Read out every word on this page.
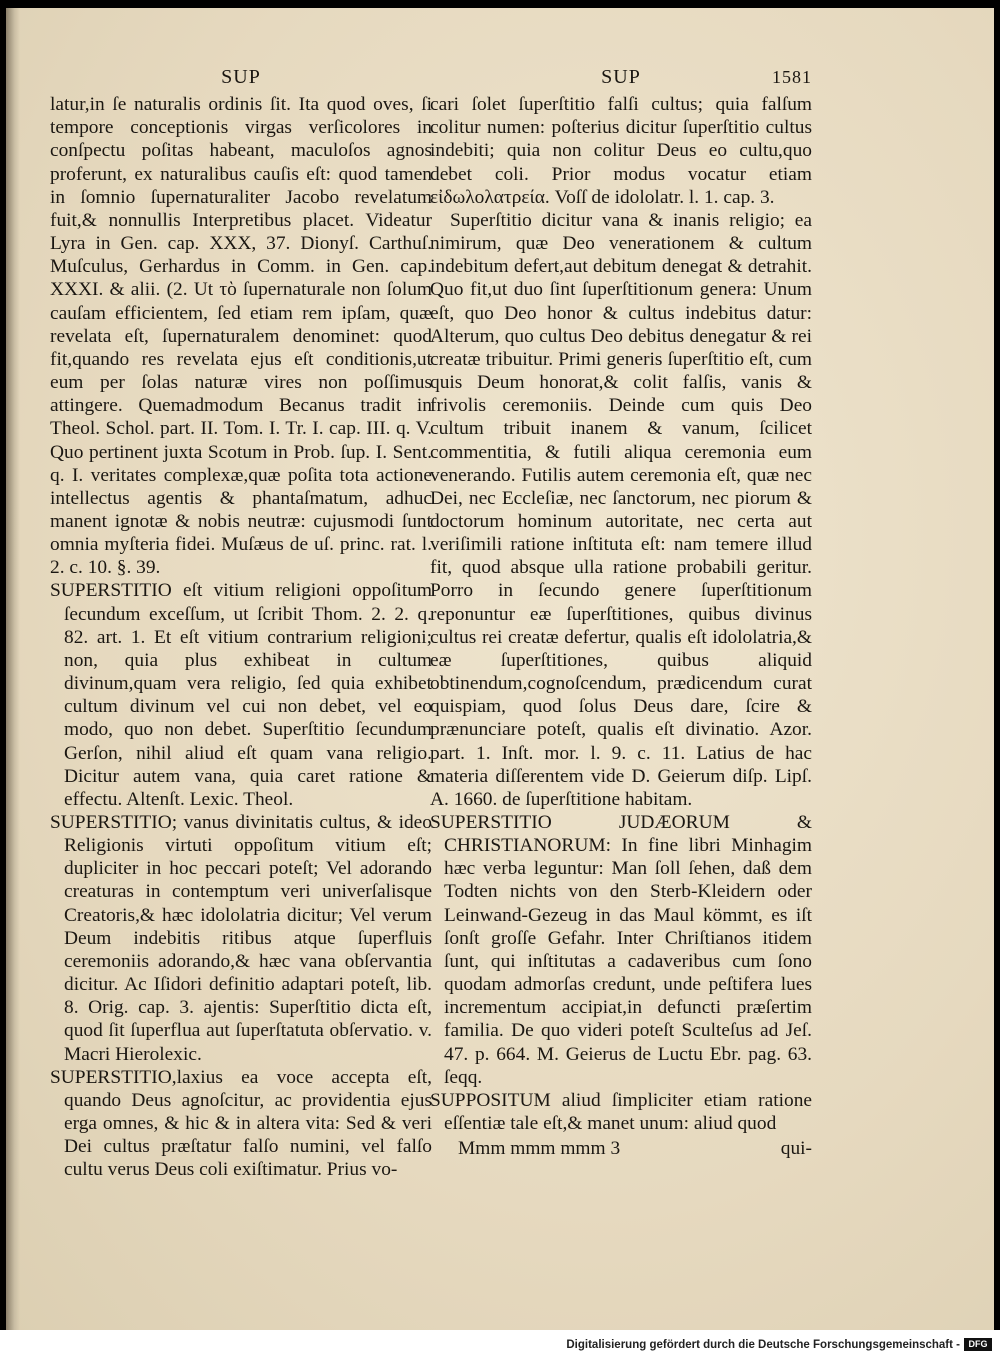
SUP

latur,in ſe naturalis ordinis ſit. Ita quod oves, ſi tempore conceptionis virgas verſicolores in conſpectu poſitas habeant, maculoſos agnos proferunt, ex naturalibus cauſis eſt: quod tamen in ſomnio ſupernaturaliter Jacobo revelatum fuit,& nonnullis Interpretibus placet. Videatur Lyra in Gen. cap. XXX, 37. Dionyſ. Carthuſ. Muſculus, Gerhardus in Comm. in Gen. cap. XXXI. & alii. (2. Ut τὸ ſupernaturale non ſolum cauſam efficientem, ſed etiam rem ipſam, quæ revelata eſt, ſupernaturalem denominet: quod fit,quando res revelata ejus eſt conditionis,ut eum per ſolas naturæ vires non poſſimus attingere. Quemadmodum Becanus tradit in Theol. Schol. part. II. Tom. I. Tr. I. cap. III. q. V. Quo pertinent juxta Scotum in Prob. ſup. I. Sent. q. I. veritates complexæ,quæ poſita tota actione intellectus agentis & phantaſmatum, adhuc manent ignotæ & nobis neutræ: cujusmodi ſunt omnia myſteria fidei. Muſæus de uſ. princ. rat. l. 2. c. 10. §. 39.

SUPERSTITIO eſt vitium religioni oppoſitum ſecundum exceſſum, ut ſcribit Thom. 2. 2. q. 82. art. 1. Et eſt vitium contrarium religioni; non, quia plus exhibeat in cultum divinum,quam vera religio, ſed quia exhibet cultum divinum vel cui non debet, vel eo modo, quo non debet. Superſtitio ſecundum Gerſon, nihil aliud eſt quam vana religio. Dicitur autem vana, quia caret ratione & effectu. Altenſt. Lexic. Theol.

SUPERSTITIO; vanus divinitatis cultus, & ideo Religionis virtuti oppoſitum vitium eſt; dupliciter in hoc peccari poteſt; Vel adorando creaturas in contemptum veri univerſalisque Creatoris,& hæc idololatria dicitur; Vel verum Deum indebitis ritibus atque ſuperfluis ceremoniis adorando,& hæc vana obſervantia dicitur. Ac Iſidori definitio adaptari poteſt, lib. 8. Orig. cap. 3. ajentis: Superſtitio dicta eſt, quod ſit ſuperflua aut ſuperſtatuta obſervatio. v. Macri Hierolexic.

SUPERSTITIO,laxius ea voce accepta eſt, quando Deus agnoſcitur, ac providentia ejus erga omnes, & hic & in altera vita: Sed & veri Dei cultus præſtatur falſo numini, vel falſo cultu verus Deus coli exiſtimatur. Prius vo-

SUP	1581

cari ſolet ſuperſtitio falſi cultus; quia falſum colitur numen: poſterius dicitur ſuperſtitio cultus indebiti; quia non colitur Deus eo cultu,quo debet coli. Prior modus vocatur etiam εἰδωλολατρεία. Voſſ de idololatr. l. 1. cap. 3.

Superſtitio dicitur vana & inanis religio; ea nimirum, quæ Deo venerationem & cultum indebitum defert,aut debitum denegat & detrahit. Quo fit,ut duo ſint ſuperſtitionum genera: Unum eſt, quo Deo honor & cultus indebitus datur: Alterum, quo cultus Deo debitus denegatur & rei creatæ tribuitur. Primi generis ſuperſtitio eſt, cum quis Deum honorat,& colit falſis, vanis & frivolis ceremoniis. Deinde cum quis Deo cultum tribuit inanem & vanum, ſcilicet commentitia, & futili aliqua ceremonia eum venerando. Futilis autem ceremonia eſt, quæ nec Dei, nec Eccleſiæ, nec ſanctorum, nec piorum & doctorum hominum autoritate, nec certa aut veriſimili ratione inſtituta eſt: nam temere illud fit, quod absque ulla ratione probabili geritur. Porro in ſecundo genere ſuperſtitionum reponuntur eæ ſuperſtitiones, quibus divinus cultus rei creatæ defertur, qualis eſt idololatria,& eæ ſuperſtitiones, quibus aliquid obtinendum,cognoſcendum, prædicendum curat quispiam, quod ſolus Deus dare, ſcire & prænunciare poteſt, qualis eſt divinatio. Azor. part. 1. Inſt. mor. l. 9. c. 11. Latius de hac materia diſſerentem vide D. Geierum diſp. Lipſ. A. 1660. de ſuperſtitione habitam.

SUPERSTITIO JUDÆORUM & CHRISTIANORUM: In fine libri Minhagim hæc verba leguntur: Man ſoll ſehen, daß dem Todten nichts von den Sterb-Kleidern oder Leinwand-Gezeug in das Maul kömmt, es iſt ſonſt groſſe Gefahr. Inter Chriſtianos itidem ſunt, qui inſtitutas a cadaveribus cum ſono quodam admorſas credunt, unde peſtifera lues incrementum accipiat,in defuncti præſertim familia. De quo videri poteſt Sculteſus ad Jeſ. 47. p. 664. M. Geierus de Luctu Ebr. pag. 63. ſeqq.

SUPPOSITUM aliud ſimpliciter etiam ratione eſſentiæ tale eſt,& manet unum: aliud quod

Mmm mmm mmm 3	qui-
Digitalisierung gefördert durch die Deutsche Forschungsgemeinschaft - DFG
